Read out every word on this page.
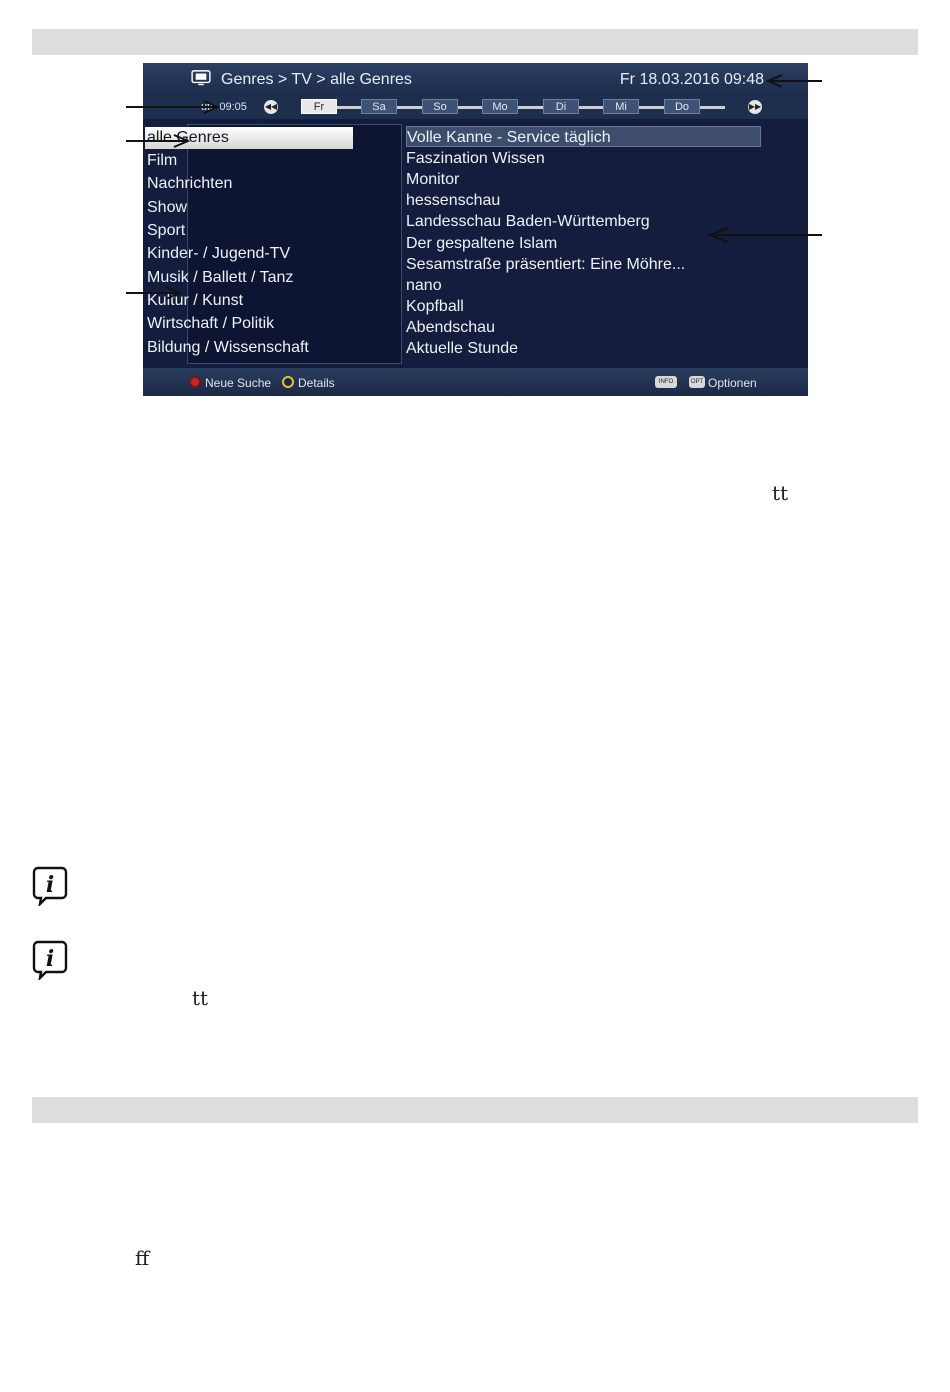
Genres > TV > alle Genres	Fr 18.03.2016 09:48
ute 09:05 ◀◀	Fr	Sa	So	Mo	Di	Mi	Do	▶▶
alle Genres
Film
Nachrichten
Show
Sport
Kinder- / Jugend-TV
Musik / Ballett / Tanz
Kultur / Kunst
Wirtschaft / Politik
Bildung / Wissenschaft
Volle Kanne - Service täglich
Faszination Wissen
Monitor
hessenschau
Landesschau Baden-Württemberg
Der gespaltene Islam
Sesamstraße präsentiert: Eine Möhre...
nano
Kopfball
Abendschau
Aktuelle Stunde
Neue Suche Details	INFO	OPT Optionen
tt
i
i
tt
ff
